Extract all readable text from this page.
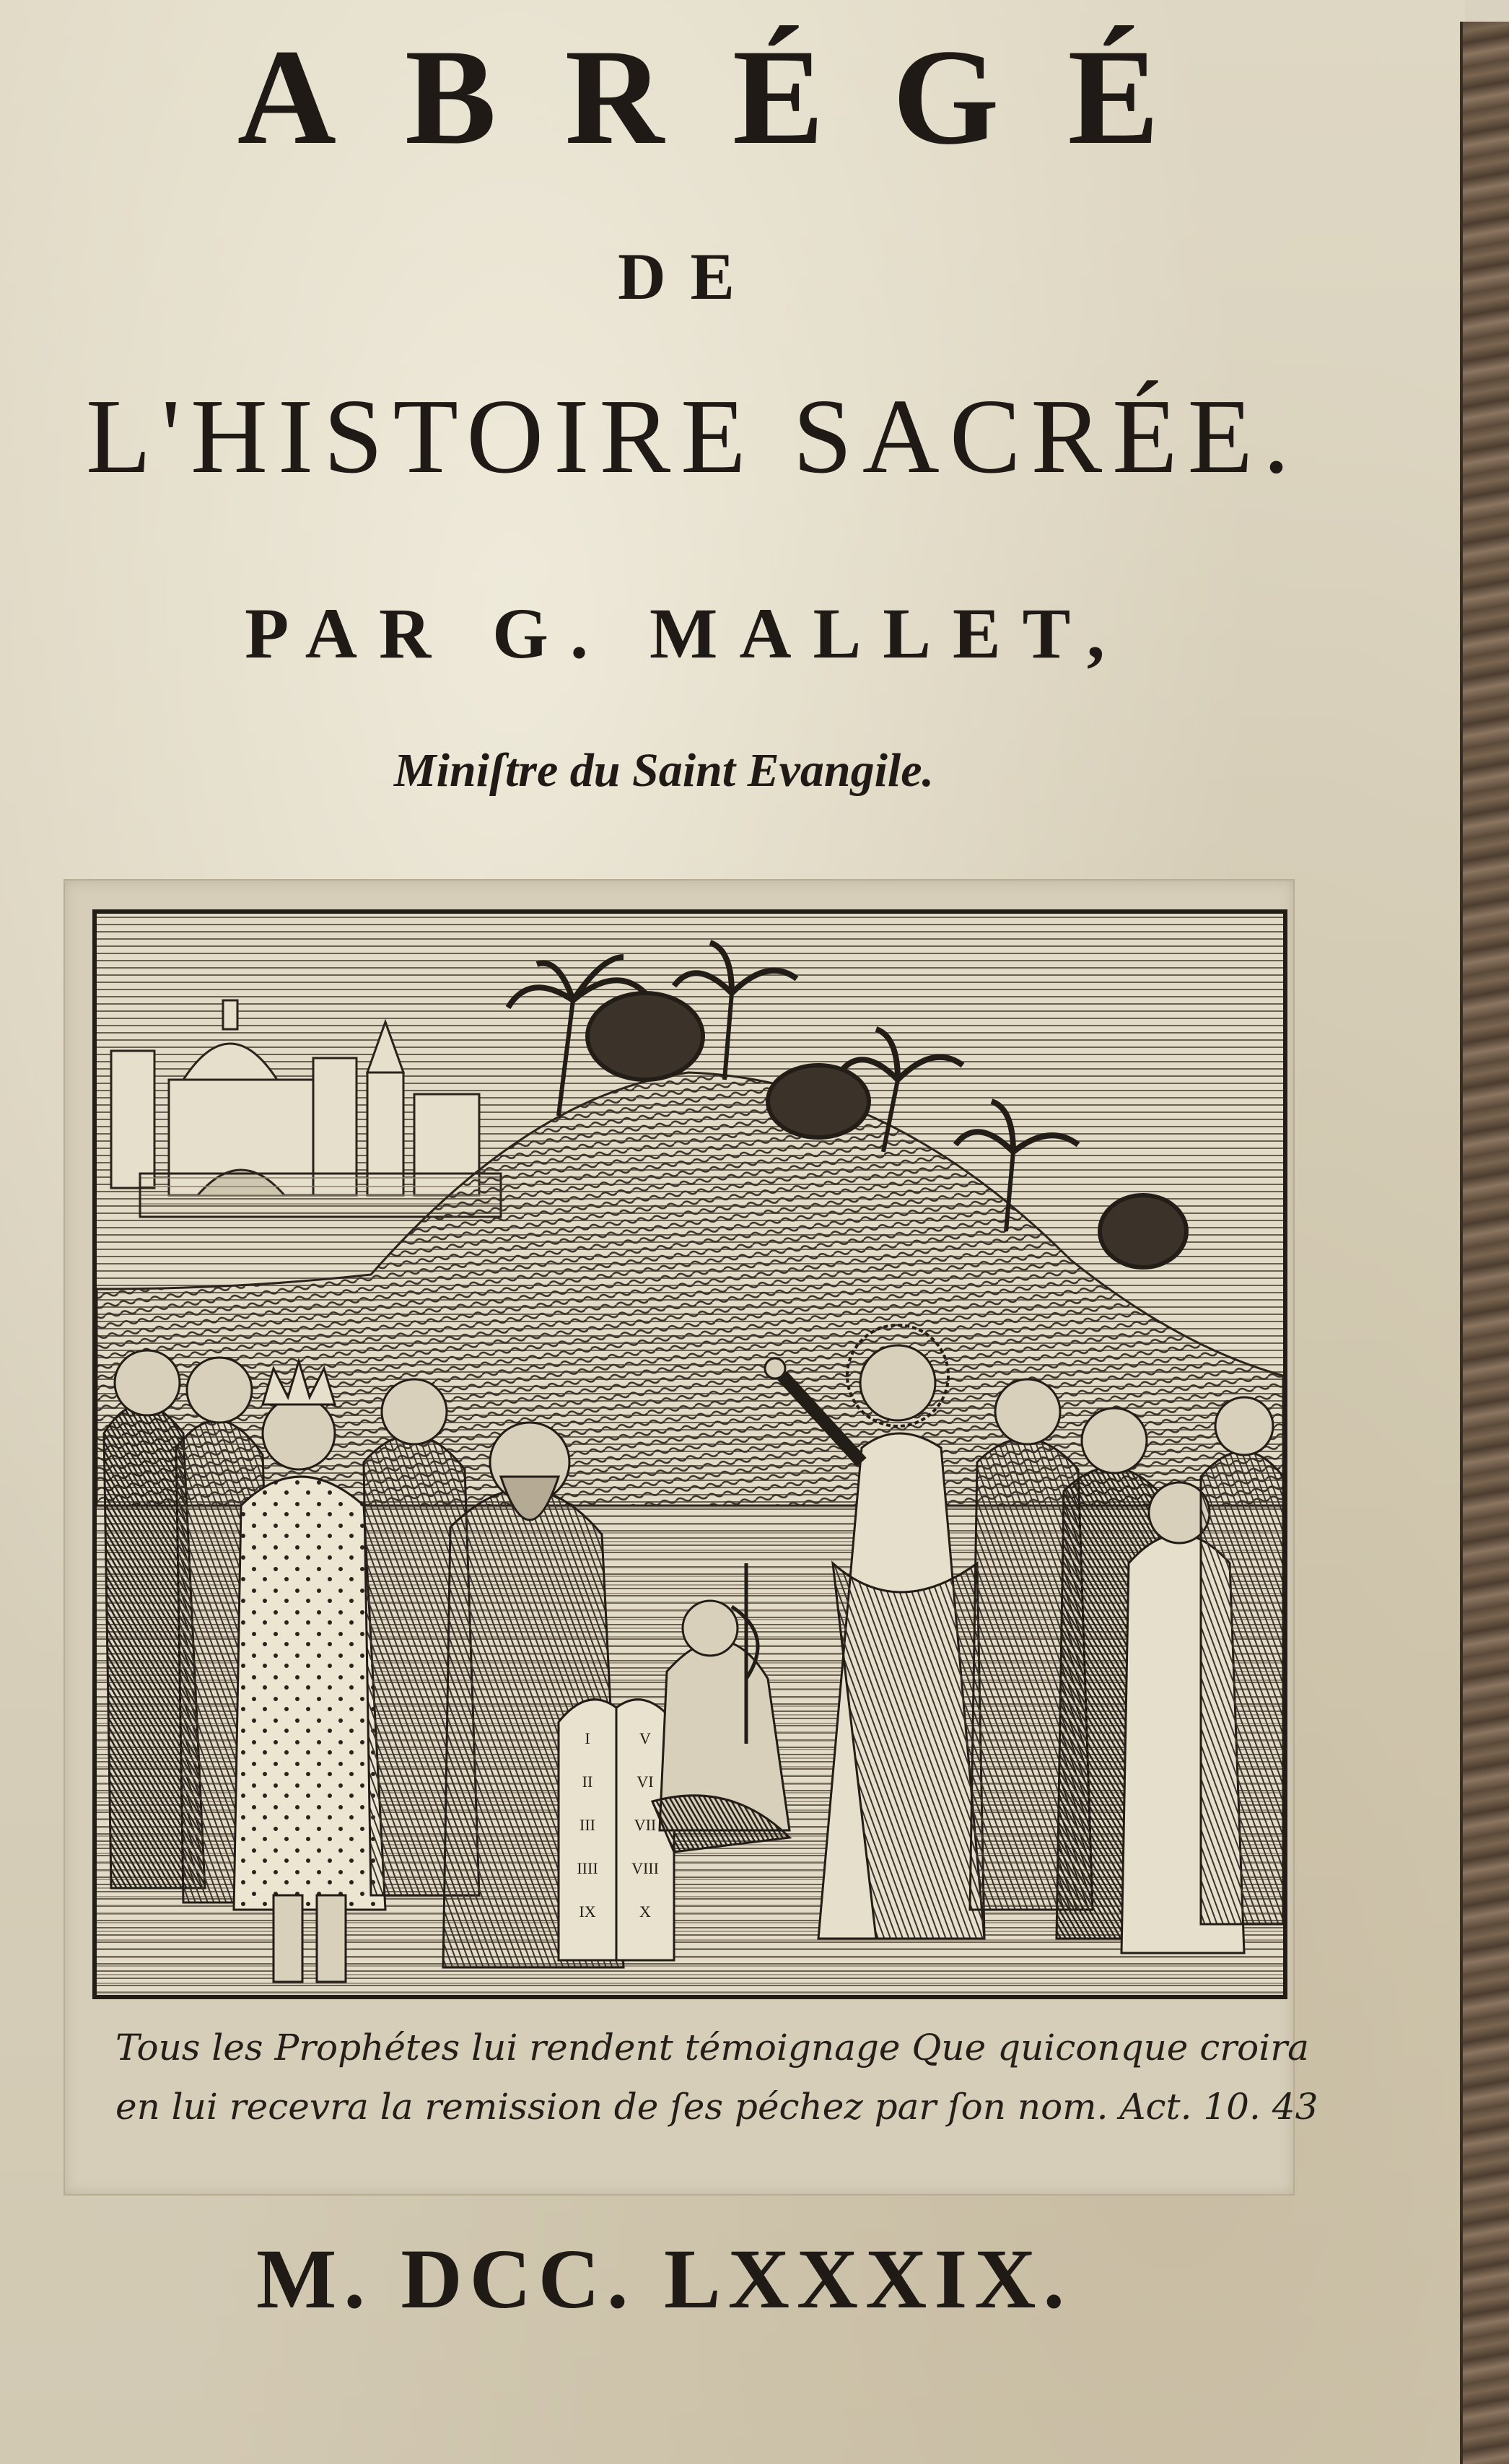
ABRÉGÉ
DE
L'HISTOIRE SACRÉE.
PAR G. MALLET,
Miniſtre du Saint Evangile.
I	V
II	VI
III VII
IIII VIII
IX	X
Tous les Prophétes lui rendent témoignage Que quiconque croira
en lui recevra la remission de ſes péchez par ſon nom. Act. 10. 43
M. DCC. LXXXIX.
